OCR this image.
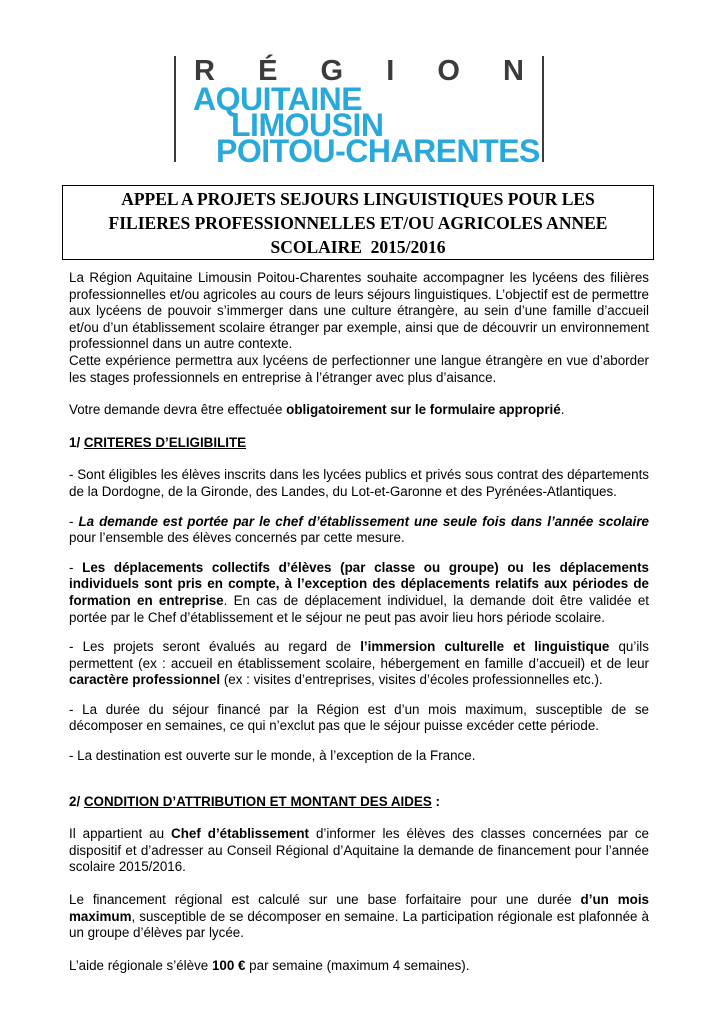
R É G I O N
AQUITAINE
LIMOUSIN
POITOU-CHARENTES
APPEL A PROJETS SEJOURS LINGUISTIQUES POUR LES
FILIERES PROFESSIONNELLES ET/OU AGRICOLES ANNEE
SCOLAIRE  2015/2016

La Région Aquitaine Limousin Poitou-Charentes souhaite accompagner les lycéens des filières professionnelles et/ou agricoles au cours de leurs séjours linguistiques. L’objectif est de permettre aux lycéens de pouvoir s’immerger dans une culture étrangère, au sein d’une famille d’accueil et/ou d’un établissement scolaire étranger par exemple, ainsi que de découvrir un environnement professionnel dans un autre contexte.

Cette expérience permettra aux lycéens de perfectionner une langue étrangère en vue d’aborder les stages professionnels en entreprise à l’étranger avec plus d’aisance.

Votre demande devra être effectuée obligatoirement sur le formulaire approprié.

1/ CRITERES D’ELIGIBILITE

- Sont éligibles les élèves inscrits dans les lycées publics et privés sous contrat des départements de la Dordogne, de la Gironde, des Landes, du Lot-et-Garonne et des Pyrénées-Atlantiques.

- La demande est portée par le chef d’établissement une seule fois dans l’année scolaire pour l’ensemble des élèves concernés par cette mesure.

- Les déplacements collectifs d’élèves (par classe ou groupe) ou les déplacements individuels sont pris en compte, à l’exception des déplacements relatifs aux périodes de formation en entreprise. En cas de déplacement individuel, la demande doit être validée et portée par le Chef d’établissement et le séjour ne peut pas avoir lieu hors période scolaire.

- Les projets seront évalués au regard de l’immersion culturelle et linguistique qu’ils permettent (ex : accueil en établissement scolaire, hébergement en famille d’accueil) et de leur caractère professionnel (ex : visites d’entreprises, visites d’écoles professionnelles etc.).

- La durée du séjour financé par la Région est d’un mois maximum, susceptible de se décomposer en semaines, ce qui n’exclut pas que le séjour puisse excéder cette période.

- La destination est ouverte sur le monde, à l’exception de la France.

2/ CONDITION D’ATTRIBUTION ET MONTANT DES AIDES :

Il appartient au Chef d’établissement d’informer les élèves des classes concernées par ce dispositif et d’adresser au Conseil Régional d’Aquitaine la demande de financement pour l’année scolaire 2015/2016.

Le financement régional est calculé sur une base forfaitaire pour une durée d’un mois maximum, susceptible de se décomposer en semaine. La participation régionale est plafonnée à un groupe d’élèves par lycée.

L’aide régionale s’élève 100 € par semaine (maximum 4 semaines).
